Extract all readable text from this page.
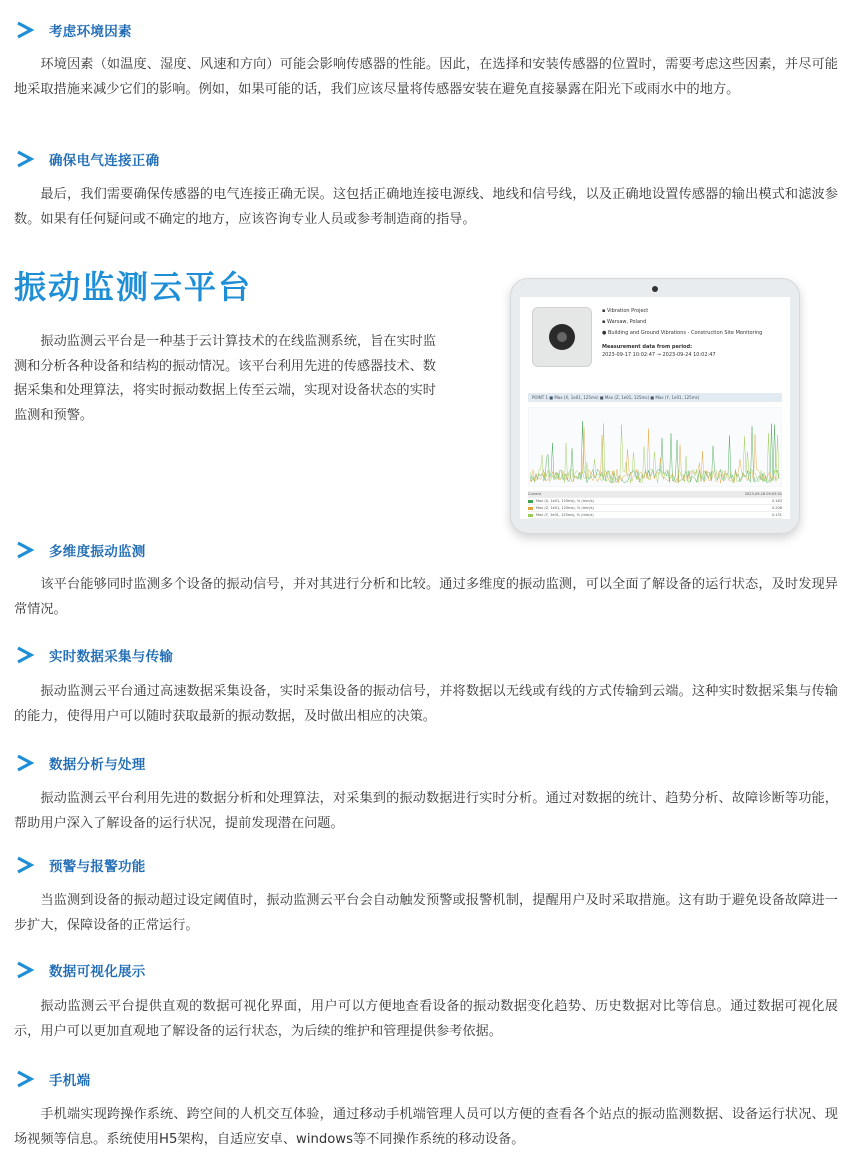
考虑环境因素

环境因素（如温度、湿度、风速和方向）可能会影响传感器的性能。因此，在选择和安装传感器的位置时，需要考虑这些因素，并尽可能地采取措施来减少它们的影响。例如，如果可能的话，我们应该尽量将传感器安装在避免直接暴露在阳光下或雨水中的地方。

确保电气连接正确

最后，我们需要确保传感器的电气连接正确无误。这包括正确地连接电源线、地线和信号线，以及正确地设置传感器的输出模式和滤波参数。如果有任何疑问或不确定的地方，应该咨询专业人员或参考制造商的指导。

振动监测云平台

振动监测云平台是一种基于云计算技术的在线监测系统，旨在实时监测和分析各种设备和结构的振动情况。该平台利用先进的传感器技术、数据采集和处理算法，将实时振动数据上传至云端，实现对设备状态的实时监测和预警。

▪ Vibration Project
▪ Warsaw, Poland
● Building and Ground Vibrations - Construction Site Monitoring
Measurement data from period:
2023-09-17 10:02:47 → 2023-09-24 10:02:47
POINT 1 ■ Max (X, 1e01, 125ms) ■ Max (Z, 1e01, 125ms) ■ Max (Y, 1e01, 125ms)
Current	2023-09-18 09:03:52
Max (X, 1e01, 125ms), % (mm/s)	0.183
Max (Z, 1e01, 125ms), % (mm/s)	0.208
Max (Y, 1e01, 125ms), % (mm/s)	0.131
多维度振动监测

该平台能够同时监测多个设备的振动信号，并对其进行分析和比较。通过多维度的振动监测，可以全面了解设备的运行状态，及时发现异常情况。

实时数据采集与传输

振动监测云平台通过高速数据采集设备，实时采集设备的振动信号，并将数据以无线或有线的方式传输到云端。这种实时数据采集与传输的能力，使得用户可以随时获取最新的振动数据，及时做出相应的决策。

数据分析与处理

振动监测云平台利用先进的数据分析和处理算法，对采集到的振动数据进行实时分析。通过对数据的统计、趋势分析、故障诊断等功能，帮助用户深入了解设备的运行状况，提前发现潜在问题。

预警与报警功能

当监测到设备的振动超过设定阈值时，振动监测云平台会自动触发预警或报警机制，提醒用户及时采取措施。这有助于避免设备故障进一步扩大，保障设备的正常运行。

数据可视化展示

振动监测云平台提供直观的数据可视化界面，用户可以方便地查看设备的振动数据变化趋势、历史数据对比等信息。通过数据可视化展示，用户可以更加直观地了解设备的运行状态，为后续的维护和管理提供参考依据。

手机端

手机端实现跨操作系统、跨空间的人机交互体验，通过移动手机端管理人员可以方便的查看各个站点的振动监测数据、设备运行状况、现场视频等信息。系统使用H5架构，自适应安卓、windows等不同操作系统的移动设备。
